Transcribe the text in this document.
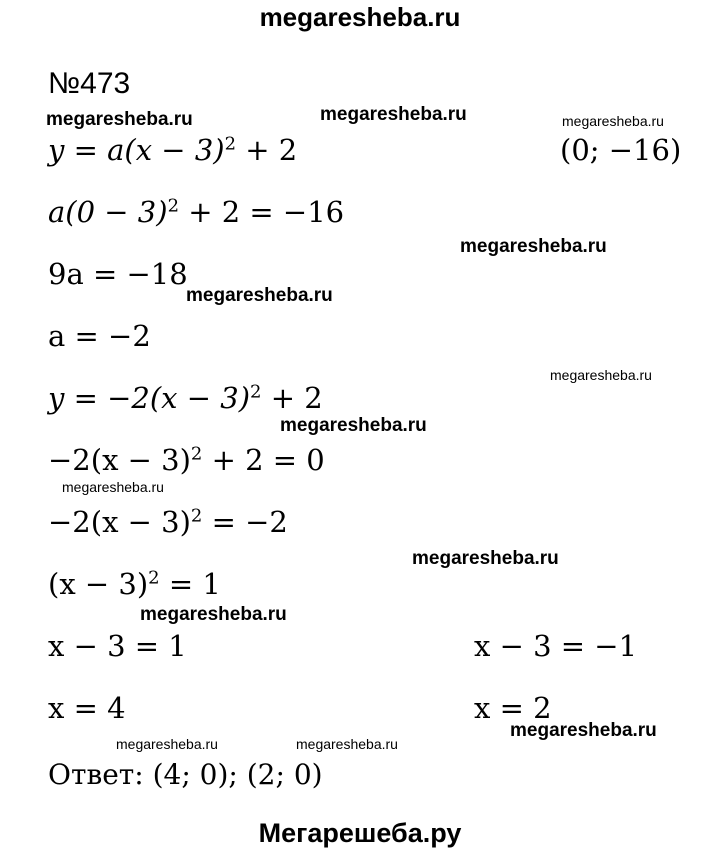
megaresheba.ru
№473
$y = a(x - 3)^2 + 2$	(0; −16)
$a(0 - 3)^2 + 2 = -16$
9a = −18
a = −2
$y = -2(x - 3)^2 + 2$
$-2(x - 3)^2 + 2 = 0$
$-2(x - 3)^2 = -2$
$(x - 3)^2 = 1$
x − 3 = 1	x − 3 = −1
x = 4	x = 2
Ответ: (4; 0); (2; 0)
megaresheba.ru	megaresheba.ru	megaresheba.ru
megaresheba.ru
megaresheba.ru
megaresheba.ru
megaresheba.ru
megaresheba.ru
megaresheba.ru
megaresheba.ru
megaresheba.ru
megaresheba.ru	megaresheba.ru
Мегарешеба.ру
